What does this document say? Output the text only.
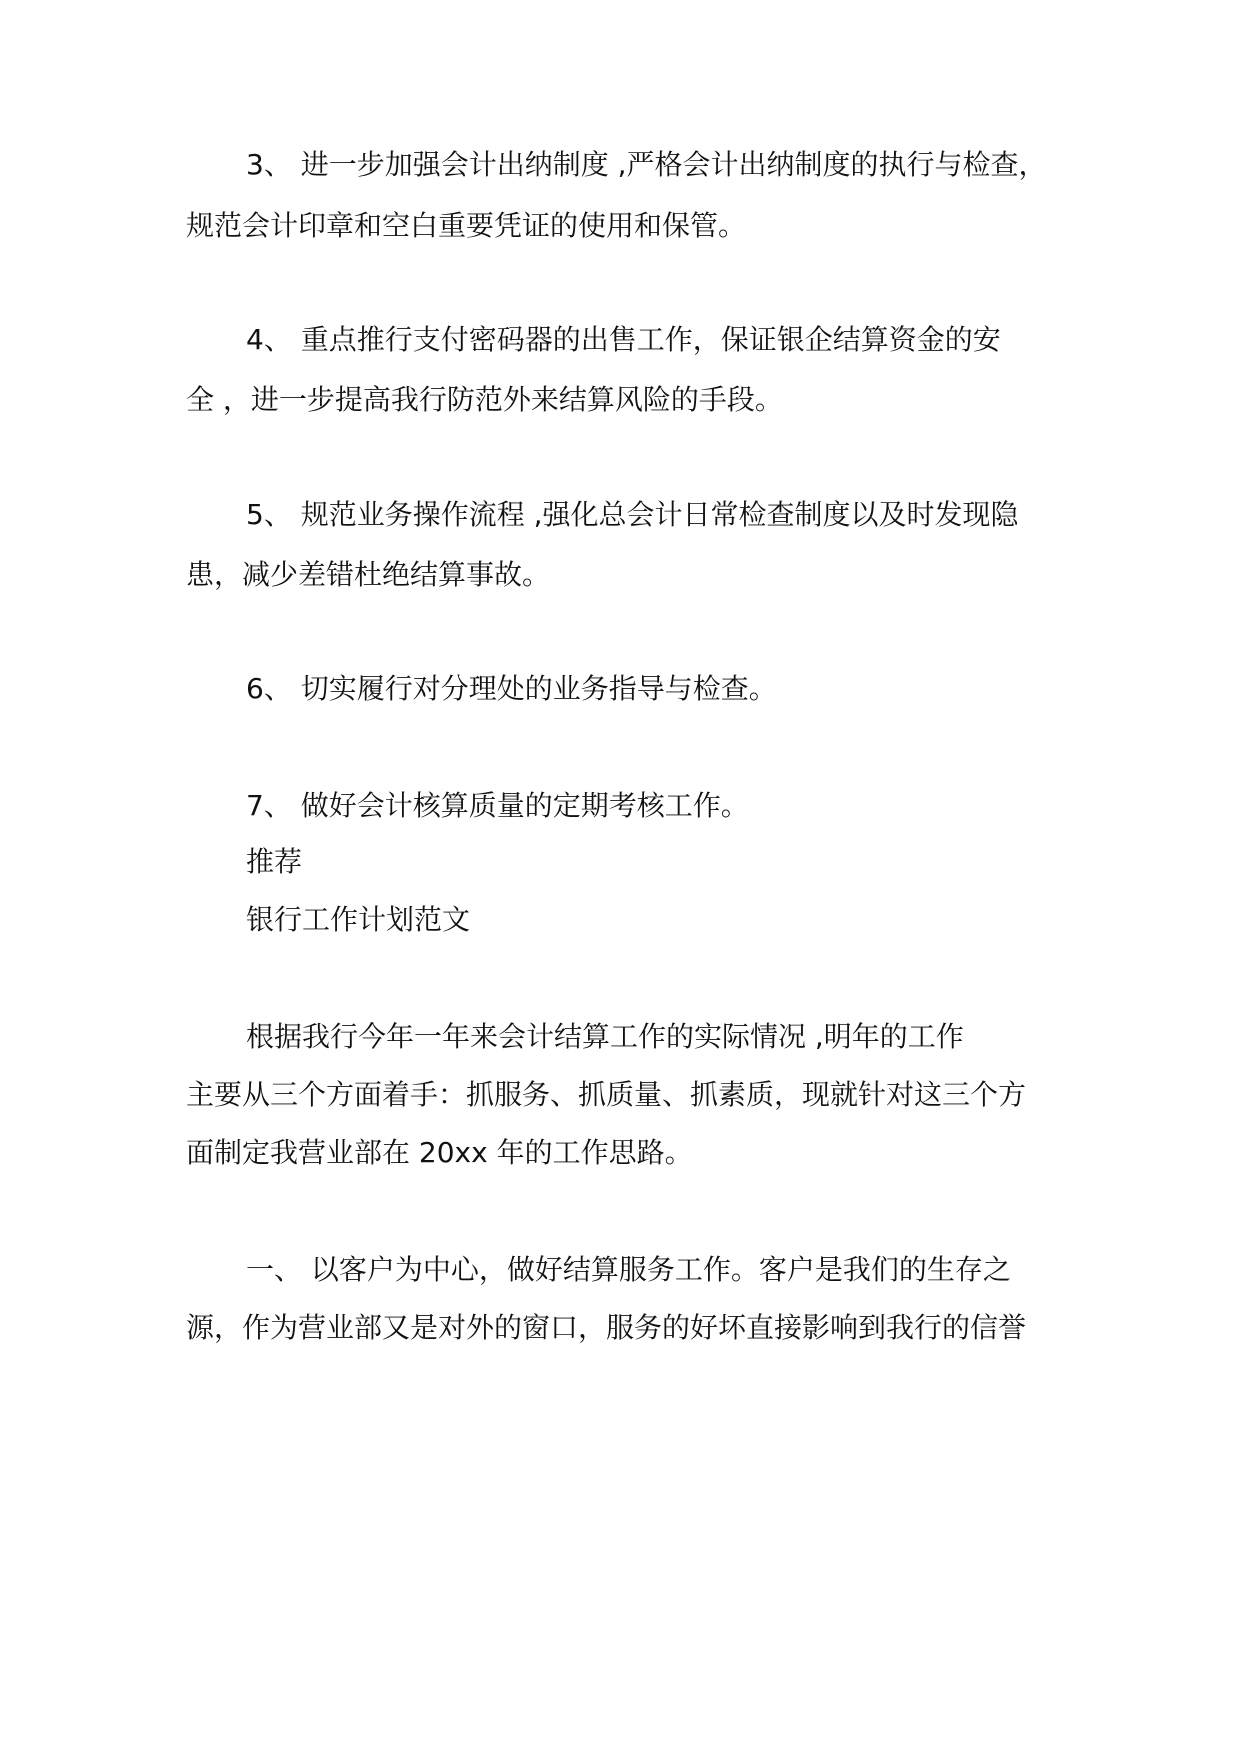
3、 进一步加强会计出纳制度 ,严格会计出纳制度的执行与检查，

规范会计印章和空白重要凭证的使用和保管。

4、 重点推行支付密码器的出售工作，保证银企结算资金的安

全 ，进一步提高我行防范外来结算风险的手段。

5、 规范业务操作流程 ,强化总会计日常检查制度以及时发现隐

患，减少差错杜绝结算事故。

6、 切实履行对分理处的业务指导与检查。

7、 做好会计核算质量的定期考核工作。

推荐

银行工作计划范文

根据我行今年一年来会计结算工作的实际情况 ,明年的工作

主要从三个方面着手：抓服务、抓质量、抓素质，现就针对这三个方

面制定我营业部在 20xx 年的工作思路。

一、 以客户为中心，做好结算服务工作。客户是我们的生存之

源，作为营业部又是对外的窗口，服务的好坏直接影响到我行的信誉
